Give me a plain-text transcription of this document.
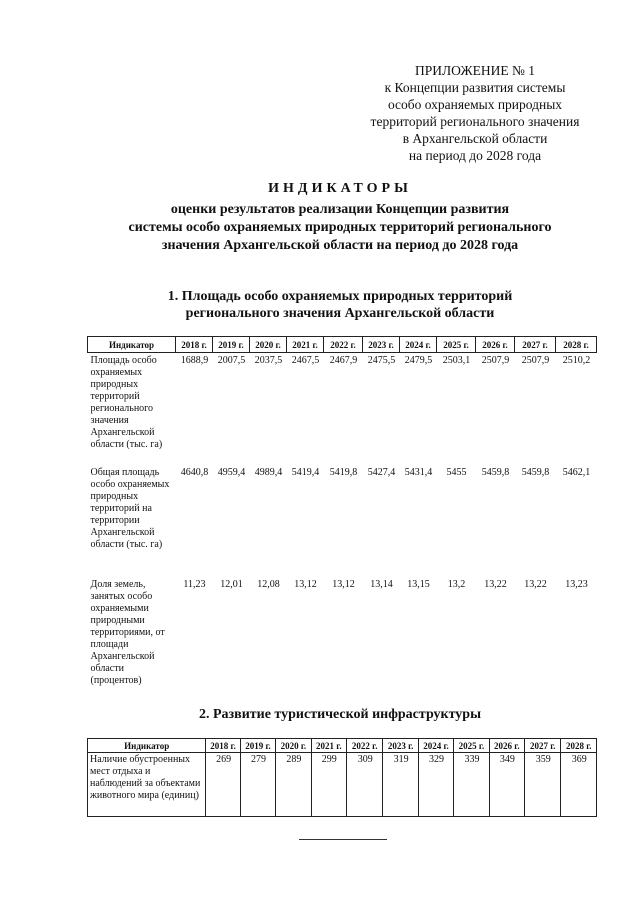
ПРИЛОЖЕНИЕ № 1
к Концепции развития системы
особо охраняемых природных
территорий регионального значения
в Архангельской области
на период до 2028 года
ИНДИКАТОРЫ
оценки результатов реализации Концепции развития
системы особо охраняемых природных территорий регионального
значения Архангельской области на период до 2028 года
1. Площадь особо охраняемых природных территорий
регионального значения Архангельской области
Индикатор	2018 г.	2019 г.	2020 г.	2021 г.	2022 г.	2023 г.	2024 г.	2025 г.	2026 г.	2027 г.	2028 г.
Площадь особо охраняемых природных территорий регионального значения Архангельской области (тыс. га)	1688,9	2007,5	2037,5	2467,5	2467,9	2475,5	2479,5	2503,1	2507,9	2507,9	2510,2
Общая площадь особо охраняемых природных территорий на территории Архангельской области (тыс. га)	4640,8	4959,4	4989,4	5419,4	5419,8	5427,4	5431,4	5455	5459,8	5459,8	5462,1
Доля земель, занятых особо охраняемыми природными территориями, от площади Архангельской области (процентов)	11,23	12,01	12,08	13,12	13,12	13,14	13,15	13,2	13,22	13,22	13,23
2. Развитие туристической инфраструктуры
Индикатор	2018 г.	2019 г.	2020 г.	2021 г.	2022 г.	2023 г.	2024 г.	2025 г.	2026 г.	2027 г.	2028 г.
Наличие обустроенных мест отдыха и наблюдений за объектами животного мира (единиц)	269	279	289	299	309	319	329	339	349	359	369
